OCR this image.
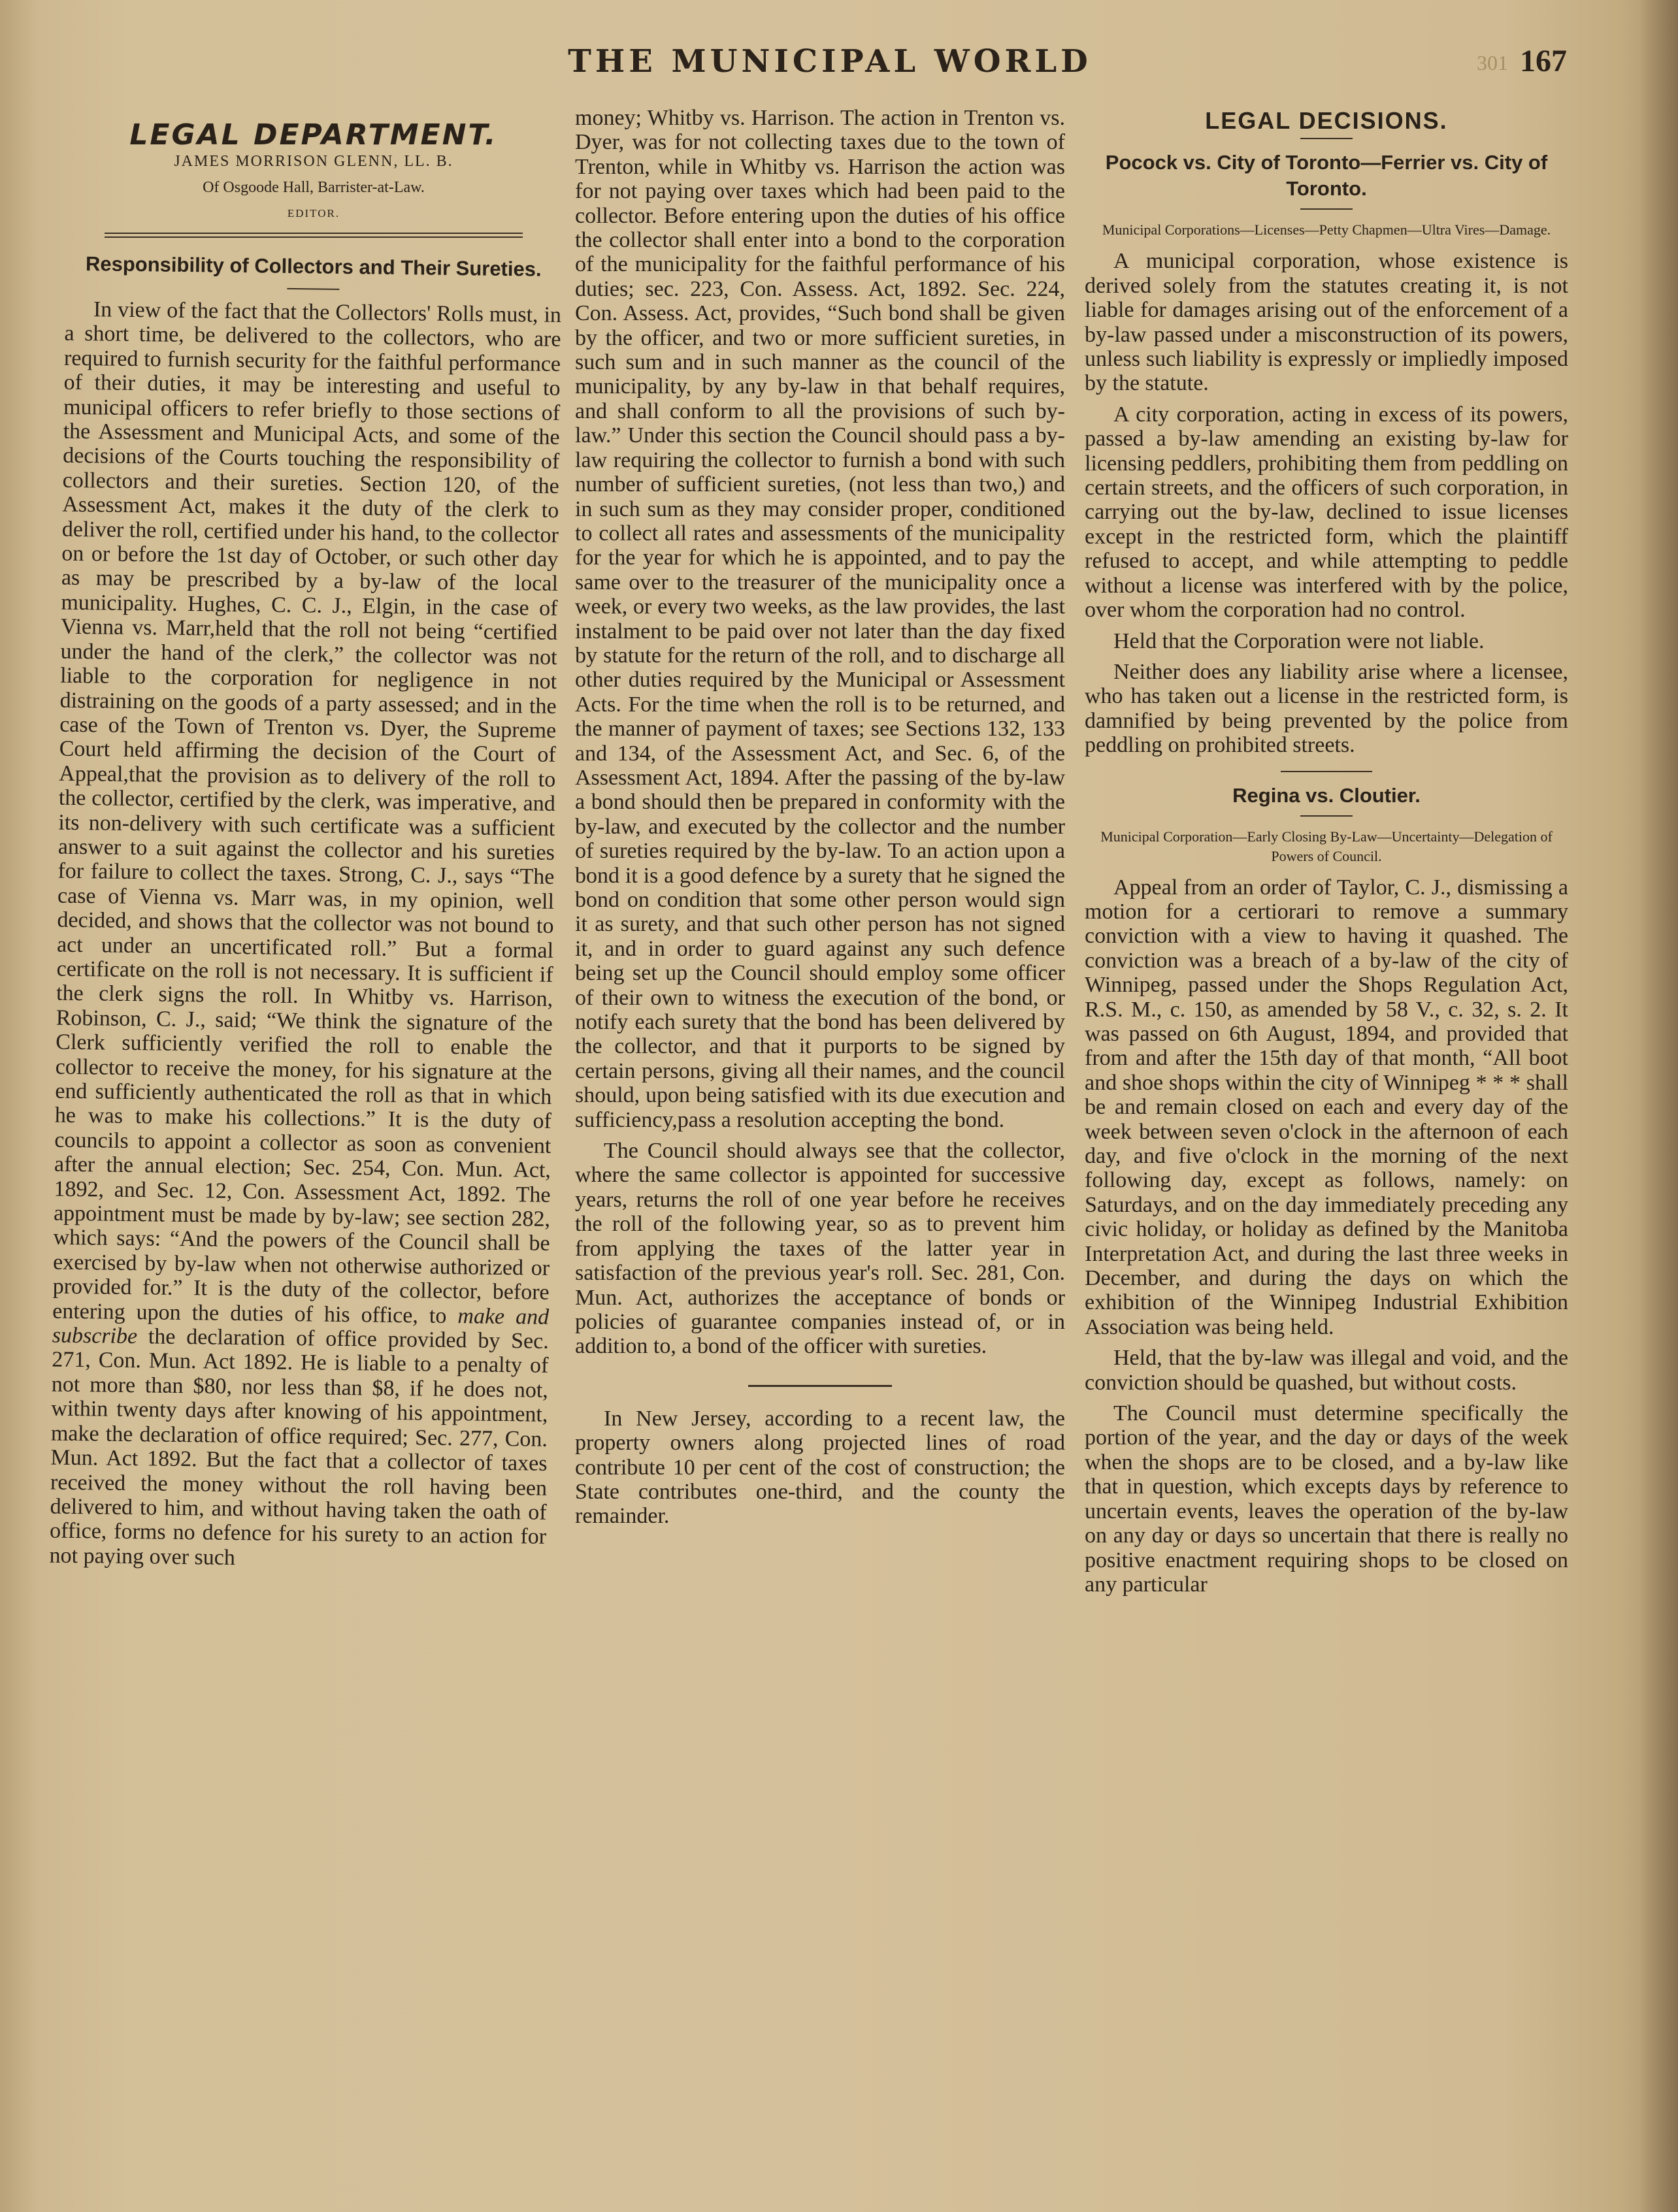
THE MUNICIPAL WORLD	301 167
LEGAL DEPARTMENT.
JAMES MORRISON GLENN, LL. B.
Of Osgoode Hall, Barrister-at-Law.
EDITOR.
Responsibility of Collectors and Their Sureties.

In view of the fact that the Collectors' Rolls must, in a short time, be delivered to the collectors, who are required to furnish security for the faithful performance of their duties, it may be interesting and useful to municipal officers to refer briefly to those sections of the Assessment and Municipal Acts, and some of the decisions of the Courts touching the responsibility of collectors and their sureties. Section 120, of the Assessment Act, makes it the duty of the clerk to deliver the roll, certified under his hand, to the collector on or before the 1st day of October, or such other day as may be prescribed by a by-law of the local municipality. Hughes, C. C. J., Elgin, in the case of Vienna vs. Marr,held that the roll not being “certified under the hand of the clerk,” the collector was not liable to the corporation for negligence in not distraining on the goods of a party assessed; and in the case of the Town of Trenton vs. Dyer, the Supreme Court held affirming the decision of the Court of Appeal,that the provision as to delivery of the roll to the collector, certified by the clerk, was imperative, and its non-delivery with such certificate was a sufficient answer to a suit against the collector and his sureties for failure to collect the taxes. Strong, C. J., says “The case of Vienna vs. Marr was, in my opinion, well decided, and shows that the collector was not bound to act under an uncertificated roll.” But a formal certificate on the roll is not necessary. It is sufficient if the clerk signs the roll. In Whitby vs. Harrison, Robinson, C. J., said; “We think the signature of the Clerk sufficiently verified the roll to enable the collector to receive the money, for his signature at the end sufficiently authenticated the roll as that in which he was to make his collections.” It is the duty of councils to appoint a collector as soon as convenient after the annual election; Sec. 254, Con. Mun. Act, 1892, and Sec. 12, Con. Assessment Act, 1892. The appointment must be made by by-law; see section 282, which says: “And the powers of the Council shall be exercised by by-law when not otherwise authorized or provided for.” It is the duty of the collector, before entering upon the duties of his office, to make and subscribe the declaration of office provided by Sec. 271, Con. Mun. Act 1892. He is liable to a penalty of not more than $80, nor less than $8, if he does not, within twenty days after knowing of his appointment, make the declaration of office required; Sec. 277, Con. Mun. Act 1892. But the fact that a collector of taxes received the money without the roll having been delivered to him, and without having taken the oath of office, forms no defence for his surety to an action for not paying over such

money; Whitby vs. Harrison. The action in Trenton vs. Dyer, was for not collecting taxes due to the town of Trenton, while in Whitby vs. Harrison the action was for not paying over taxes which had been paid to the collector. Before entering upon the duties of his office the collector shall enter into a bond to the corporation of the municipality for the faithful performance of his duties; sec. 223, Con. Assess. Act, 1892. Sec. 224, Con. Assess. Act, provides, “Such bond shall be given by the officer, and two or more sufficient sureties, in such sum and in such manner as the council of the municipality, by any by-law in that behalf requires, and shall conform to all the provisions of such by-law.” Under this section the Council should pass a by-law requiring the collector to furnish a bond with such number of sufficient sureties, (not less than two,) and in such sum as they may consider proper, conditioned to collect all rates and assessments of the municipality for the year for which he is appointed, and to pay the same over to the treasurer of the municipality once a week, or every two weeks, as the law provides, the last instalment to be paid over not later than the day fixed by statute for the return of the roll, and to discharge all other duties required by the Municipal or Assessment Acts. For the time when the roll is to be returned, and the manner of payment of taxes; see Sections 132, 133 and 134, of the Assessment Act, and Sec. 6, of the Assessment Act, 1894. After the passing of the by-law a bond should then be prepared in conformity with the by-law, and executed by the collector and the number of sureties required by the by-law. To an action upon a bond it is a good defence by a surety that he signed the bond on condition that some other person would sign it as surety, and that such other person has not signed it, and in order to guard against any such defence being set up the Council should employ some officer of their own to witness the execution of the bond, or notify each surety that the bond has been delivered by the collector, and that it purports to be signed by certain persons, giving all their names, and the council should, upon being satisfied with its due execution and sufficiency,pass a resolution accepting the bond.

The Council should always see that the collector, where the same collector is appointed for successive years, returns the roll of one year before he receives the roll of the following year, so as to prevent him from applying the taxes of the latter year in satisfaction of the previous year's roll. Sec. 281, Con. Mun. Act, authorizes the acceptance of bonds or policies of guarantee companies instead of, or in addition to, a bond of the officer with sureties.

In New Jersey, according to a recent law, the property owners along projected lines of road contribute 10 per cent of the cost of construction; the State contributes one-third, and the county the remainder.

LEGAL DECISIONS.
Pocock vs. City of Toronto—Ferrier vs. City of Toronto.
Municipal Corporations—Licenses—Petty Chapmen—Ultra Vires—Damage.

A municipal corporation, whose existence is derived solely from the statutes creating it, is not liable for damages arising out of the enforcement of a by-law passed under a misconstruction of its powers, unless such liability is expressly or impliedly imposed by the statute.

A city corporation, acting in excess of its powers, passed a by-law amending an existing by-law for licensing peddlers, prohibiting them from peddling on certain streets, and the officers of such corporation, in carrying out the by-law, declined to issue licenses except in the restricted form, which the plaintiff refused to accept, and while attempting to peddle without a license was interfered with by the police, over whom the corporation had no control.

Held that the Corporation were not liable.

Neither does any liability arise where a licensee, who has taken out a license in the restricted form, is damnified by being prevented by the police from peddling on prohibited streets.

Regina vs. Cloutier.
Municipal Corporation—Early Closing By-Law—Uncertainty—Delegation of Powers of Council.

Appeal from an order of Taylor, C. J., dismissing a motion for a certiorari to remove a summary conviction with a view to having it quashed. The conviction was a breach of a by-law of the city of Winnipeg, passed under the Shops Regulation Act, R.S. M., c. 150, as amended by 58 V., c. 32, s. 2. It was passed on 6th August, 1894, and provided that from and after the 15th day of that month, “All boot and shoe shops within the city of Winnipeg * * * shall be and remain closed on each and every day of the week between seven o'clock in the afternoon of each day, and five o'clock in the morning of the next following day, except as follows, namely: on Saturdays, and on the day immediately preceding any civic holiday, or holiday as defined by the Manitoba Interpretation Act, and during the last three weeks in December, and during the days on which the exhibition of the Winnipeg Industrial Exhibition Association was being held.

Held, that the by-law was illegal and void, and the conviction should be quashed, but without costs.

The Council must determine specifically the portion of the year, and the day or days of the week when the shops are to be closed, and a by-law like that in question, which excepts days by reference to uncertain events, leaves the operation of the by-law on any day or days so uncertain that there is really no positive enactment requiring shops to be closed on any particular
